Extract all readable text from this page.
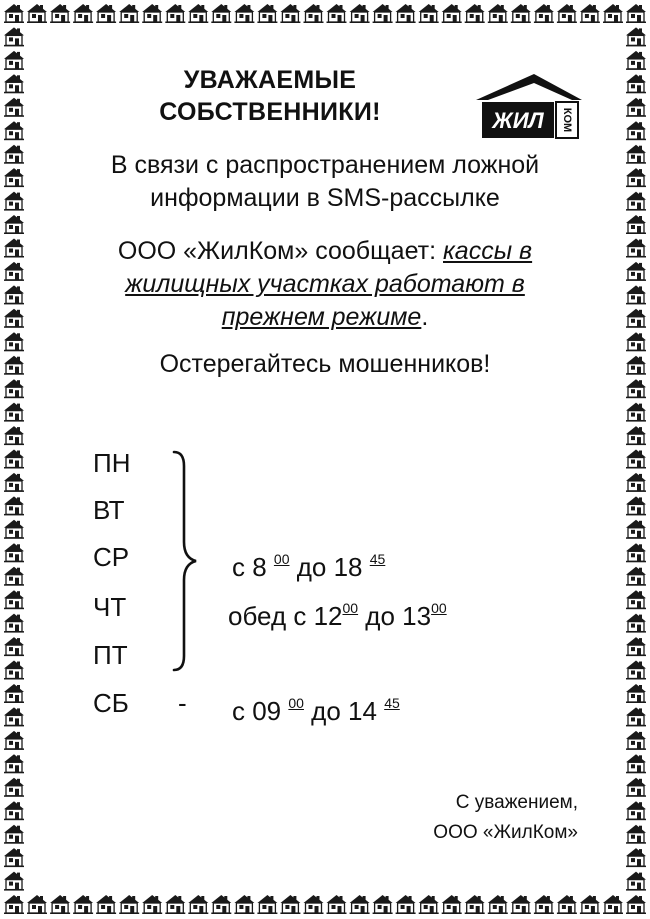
УВАЖАЕМЫЕ
СОБСТВЕННИКИ!	ЖИЛ КОМ
В связи с распространением ложной
информации в SMS-рассылке
ООО «ЖилКом» сообщает: кассы в
жилищных участках работают в
прежнем режиме.
Остерегайтесь мошенников!
ПН
ВТ
СР
ЧТ
ПТ
с 8 $^{00}$ до 18 $^{45}$
обед с $12^{00}$ до $13^{00}$
СБ - с 09 $^{00}$ до 14 $^{45}$
С уважением,
ООО «ЖилКом»
